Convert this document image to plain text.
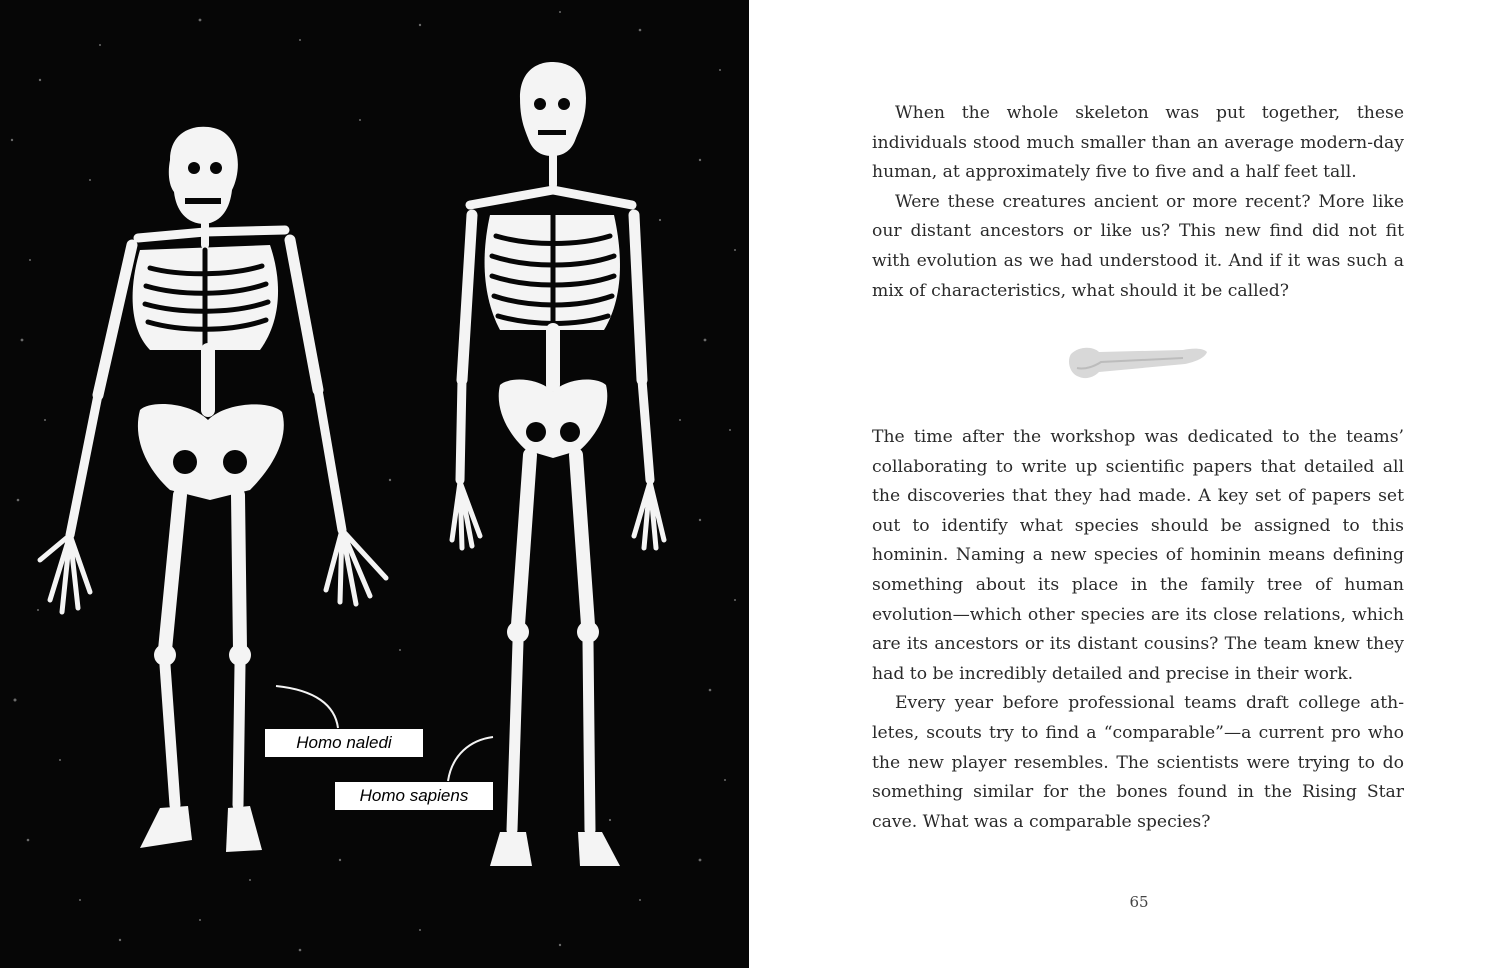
Homo naledi
Homo sapiens

When the whole skeleton was put together, these individuals stood much smaller than an average modern-day human, at approximately five to five and a half feet tall.

Were these creatures ancient or more recent? More like our distant ancestors or like us? This new find did not fit with evolution as we had understood it. And if it was such a mix of characteristics, what should it be called?

The time after the workshop was dedicated to the teams’ collaborating to write up scientific papers that detailed all the discoveries that they had made. A key set of papers set out to identify what species should be assigned to this hominin. Naming a new species of hominin means defining something about its place in the family tree of human evolution—which other species are its close relations, which are its ancestors or its distant cousins? The team knew they had to be incredibly detailed and precise in their work.

Every year before professional teams draft college athletes, scouts try to find a “comparable”—a current pro who the new player resembles. The scientists were trying to do something similar for the bones found in the Rising Star cave. What was a comparable species?

65
